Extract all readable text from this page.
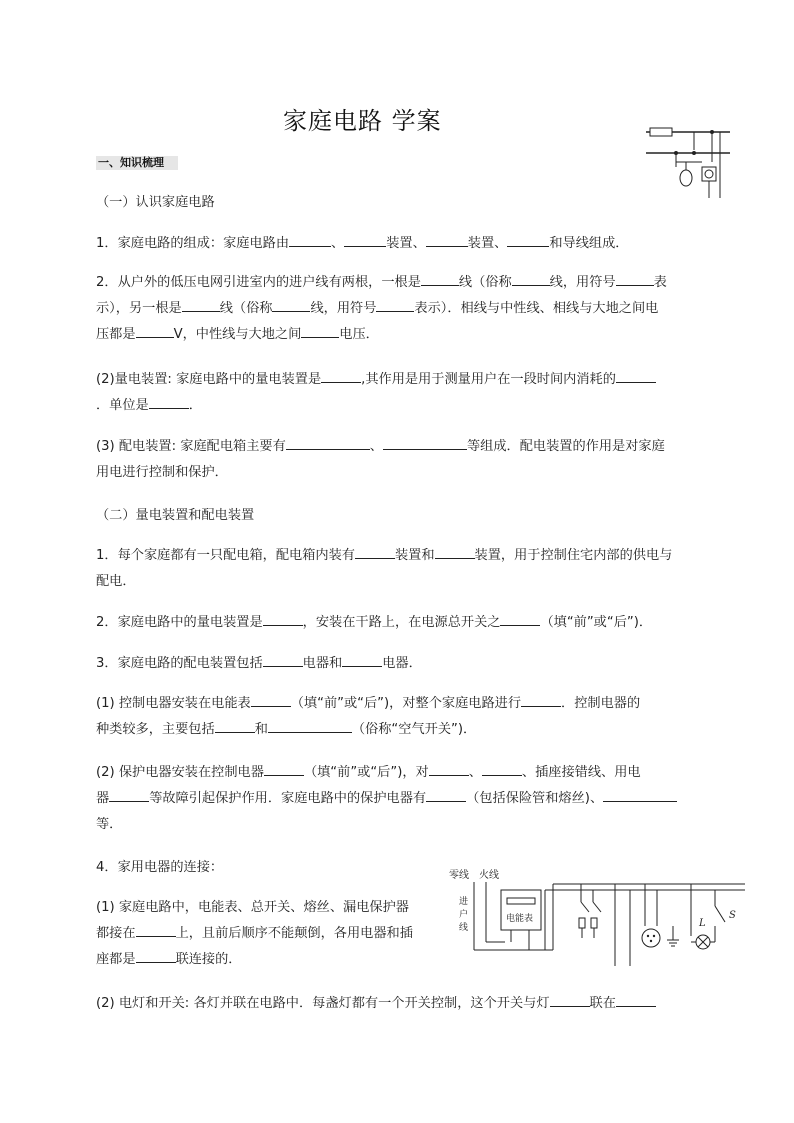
家庭电路 学案
一、知识梳理
（一）认识家庭电路
1．家庭电路的组成：家庭电路由	、	装置、	装置、	和导线组成．
2．从户外的低压电网引进室内的进户线有两根，一根是	线（俗称	线，用符号	表
示），另一根是	线（俗称	线，用符号	表示）．相线与中性线、相线与大地之间电
压都是	V，中性线与大地之间	电压．
(2)量电装置: 家庭电路中的量电装置是	,其作用是用于测量用户在一段时间内消耗的
．单位是	．
(3) 配电装置: 家庭配电箱主要有	、	等组成．配电装置的作用是对家庭
用电进行控制和保护．
（二）量电装置和配电装置
1．每个家庭都有一只配电箱，配电箱内装有	装置和	装置，用于控制住宅内部的供电与
配电．
2．家庭电路中的量电装置是	，安装在干路上，在电源总开关之	（填“前”或“后”)．
3．家庭电路的配电装置包括	电器和	电器．
(1) 控制电器安装在电能表	（填“前”或“后”)，对整个家庭电路进行	．控制电器的
种类较多，主要包括	和	（俗称“空气开关”)．
(2) 保护电器安装在控制电器	（填“前”或“后”)，对	、	、插座接错线、用电
器	等故障引起保护作用．家庭电路中的保护电器有	（包括保险管和熔丝)、
等．
4．家用电器的连接：
(1) 家庭电路中，电能表、总开关、熔丝、漏电保护器
都接在	上，且前后顺序不能颠倒，各用电器和插
座都是	联连接的．
(2) 电灯和开关: 各灯并联在电路中．每盏灯都有一个开关控制，这个开关与灯	联在
零线 火线
进
户
线
电能表	L
S
